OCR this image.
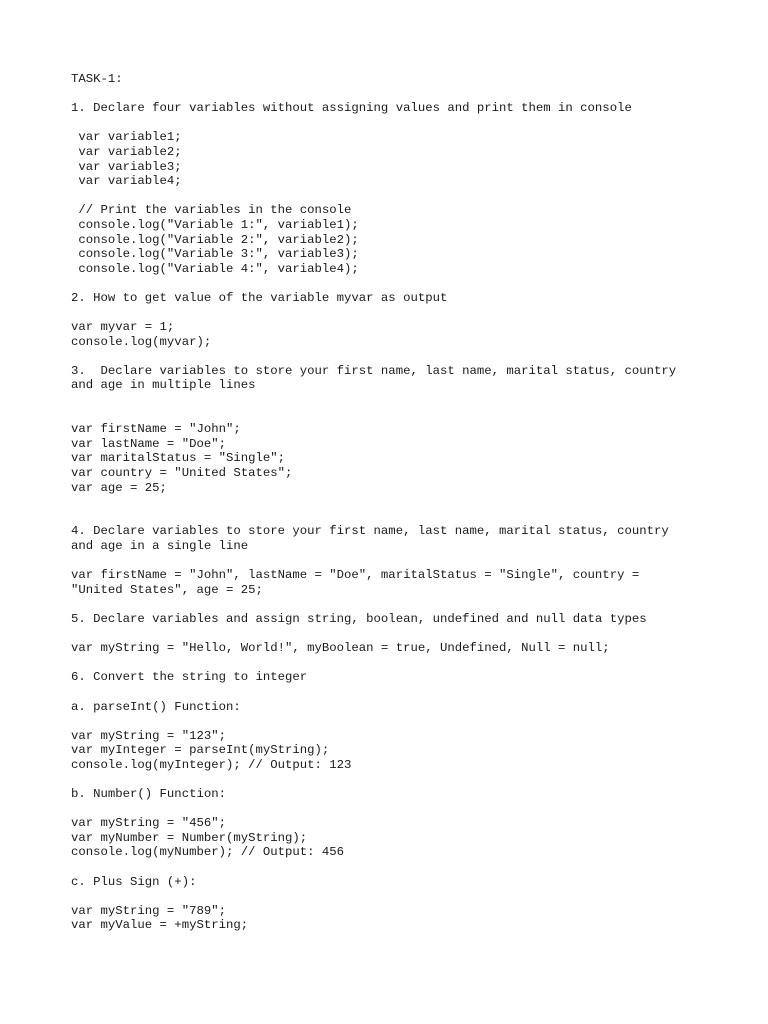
TASK-1:
1. Declare four variables without assigning values and print them in console
var variable1;
var variable2;
var variable3;
var variable4;
// Print the variables in the console
console.log("Variable 1:", variable1);
console.log("Variable 2:", variable2);
console.log("Variable 3:", variable3);
console.log("Variable 4:", variable4);
2. How to get value of the variable myvar as output
var myvar = 1;
console.log(myvar);
3.  Declare variables to store your first name, last name, marital status, country
and age in multiple lines
var firstName = "John";
var lastName = "Doe";
var maritalStatus = "Single";
var country = "United States";
var age = 25;
4. Declare variables to store your first name, last name, marital status, country
and age in a single line
var firstName = "John", lastName = "Doe", maritalStatus = "Single", country =
"United States", age = 25;
5. Declare variables and assign string, boolean, undefined and null data types
var myString = "Hello, World!", myBoolean = true, Undefined, Null = null;
6. Convert the string to integer
a. parseInt() Function:
var myString = "123";
var myInteger = parseInt(myString);
console.log(myInteger); // Output: 123
b. Number() Function:
var myString = "456";
var myNumber = Number(myString);
console.log(myNumber); // Output: 456
c. Plus Sign (+):
var myString = "789";
var myValue = +myString;
